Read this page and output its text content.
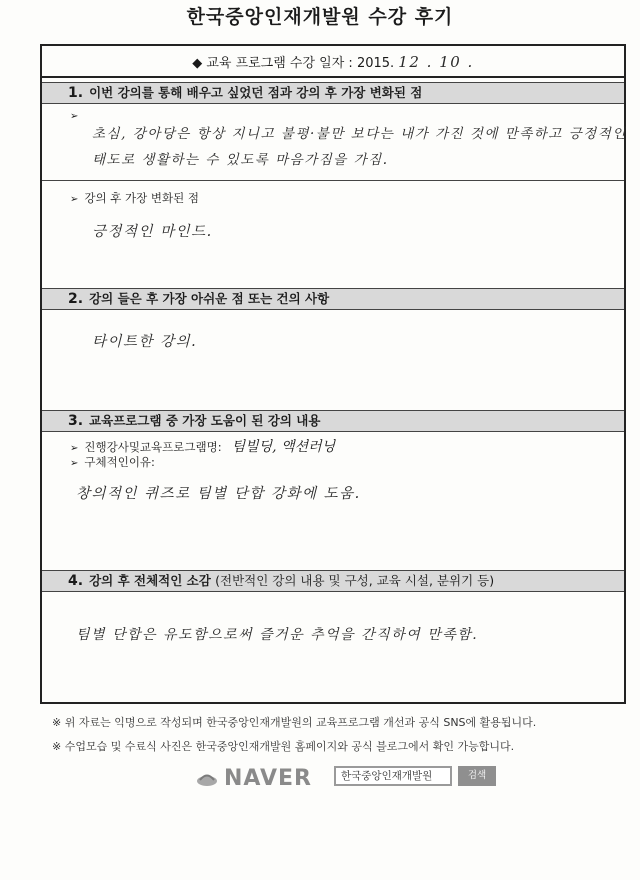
한국중앙인재개발원 수강 후기
◆ 교육 프로그램 수강 일자 : 2015. 12 . 10 .
1. 이번 강의를 통해 배우고 싶었던 점과 강의 후 가장 변화된 점
➢
초심, 강아당은 항상 지니고 불평·불만 보다는 내가 가진 것에 만족하고 긍정적인
태도로 생활하는 수 있도록 마음가짐을 가짐.
➢ 강의 후 가장 변화된 점
긍정적인 마인드.
2. 강의 들은 후 가장 아쉬운 점 또는 건의 사항
타이트한 강의.
3. 교육프로그램 중 가장 도움이 된 강의 내용
➢ 진행강사및교육프로그램명: 팀빌딩, 액션러닝
➢ 구체적인이유:
창의적인 퀴즈로 팀별 단합 강화에 도움.
4. 강의 후 전체적인 소감 (전반적인 강의 내용 및 구성, 교육 시설, 분위기 등)
팀별 단합은 유도함으로써 즐거운 추억을 간직하여 만족함.
※ 위 자료는 익명으로 작성되며 한국중앙인재개발원의 교육프로그램 개선과 공식 SNS에 활용됩니다.
※ 수업모습 및 수료식 사진은 한국중앙인재개발원 홈페이지와 공식 블로그에서 확인 가능합니다.
NAVER	한국중앙인재개발원	검색
